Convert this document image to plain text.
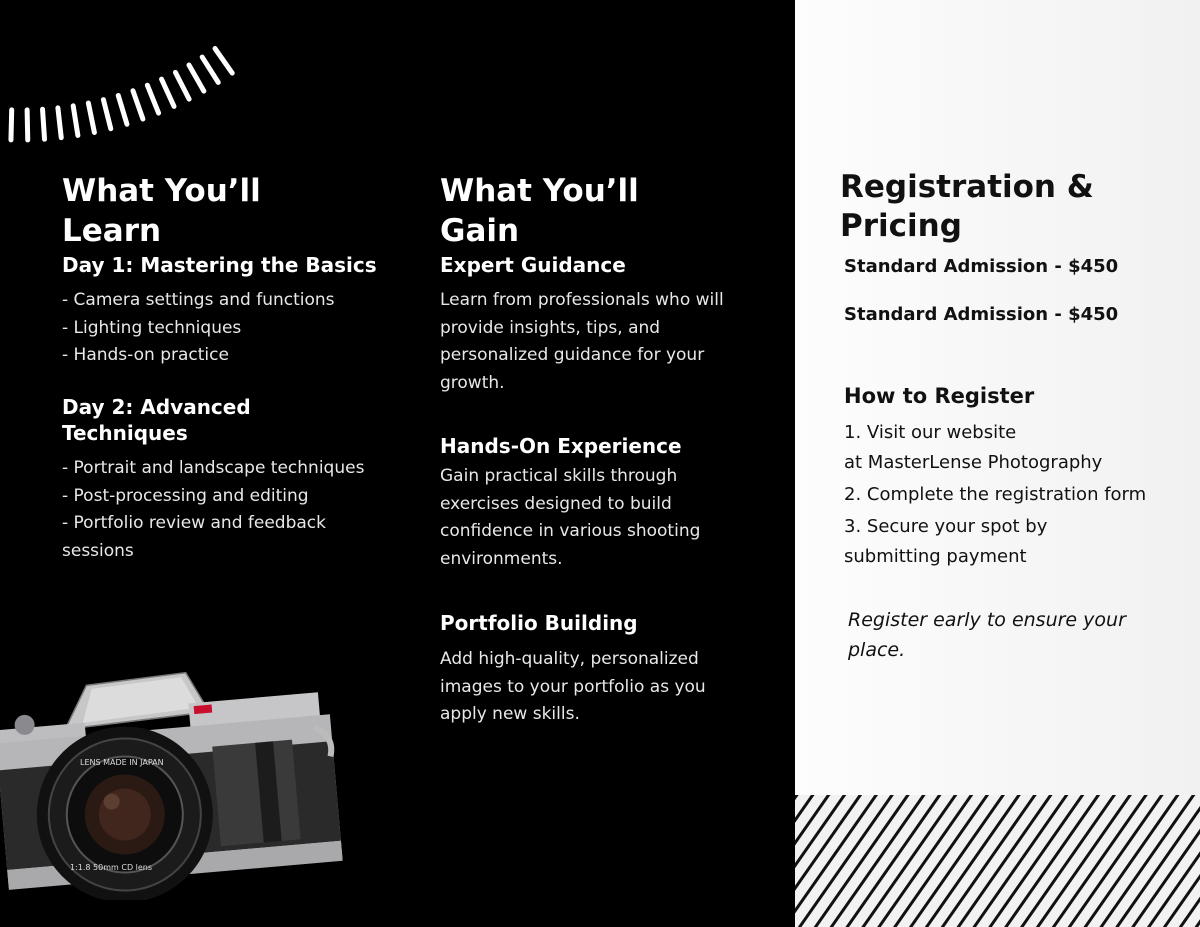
What You’ll
Learn

Day 1: Mastering the Basics

- Camera settings and functions
- Lighting techniques
- Hands-on practice

Day 2: Advanced
Techniques

- Portrait and landscape techniques
- Post-processing and editing
- Portfolio review and feedback
sessions

What You’ll
Gain

Expert Guidance

Learn from professionals who will
provide insights, tips, and
personalized guidance for your
growth.

Hands-On Experience

Gain practical skills through
exercises designed to build
confidence in various shooting
environments.

Portfolio Building

Add high-quality, personalized
images to your portfolio as you
apply new skills.

LENS MADE IN JAPAN
1:1.8 50mm CD lens

Registration &
Pricing

Standard Admission - $450

Standard Admission - $450

How to Register

1. Visit our website
at MasterLense Photography
2. Complete the registration form
3. Secure your spot by
submitting payment

Register early to ensure your
place.
